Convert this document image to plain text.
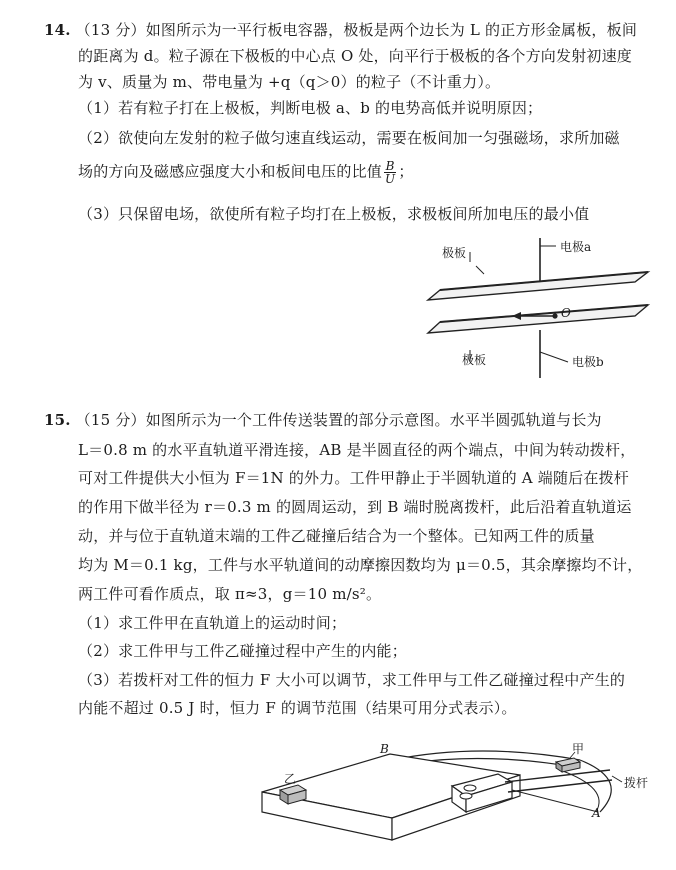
14. （13 分）如图所示为一平行板电容器，极板是两个边长为 L 的正方形金属板，板间
的距离为 d。粒子源在下极板的中心点 O 处，向平行于极板的各个方向发射初速度
为 v、质量为 m、带电量为 +q（q＞0）的粒子（不计重力）。
（1）若有粒子打在上极板，判断电极 a、b 的电势高低并说明原因；
（2）欲使向左发射的粒子做匀速直线运动，需要在板间加一匀强磁场，求所加磁
场的方向及磁感应强度大小和板间电压的比值 $\frac{B}{U}$ ；
（3）只保留电场，欲使所有粒子均打在上极板，求极板间所加电压的最小值
极板	电极a
O
极板	电极b
15. （15 分）如图所示为一个工件传送装置的部分示意图。水平半圆弧轨道与长为
L＝0.8 m 的水平直轨道平滑连接，AB 是半圆直径的两个端点，中间为转动拨杆，
可对工件提供大小恒为 F＝1N 的外力。工件甲静止于半圆轨道的 A 端随后在拨杆
的作用下做半径为 r＝0.3 m 的圆周运动，到 B 端时脱离拨杆，此后沿着直轨道运
动，并与位于直轨道末端的工件乙碰撞后结合为一个整体。已知两工件的质量
均为 M＝0.1 kg，工件与水平轨道间的动摩擦因数均为 μ＝0.5，其余摩擦均不计，
两工件可看作质点，取 π≈3，g＝10 m/s²。
（1）求工件甲在直轨道上的运动时间；
（2）求工件甲与工件乙碰撞过程中产生的内能；
（3）若拨杆对工件的恒力 F 大小可以调节，求工件甲与工件乙碰撞过程中产生的
内能不超过 0.5 J 时，恒力 F 的调节范围（结果可用分式表示）。
B	甲
乙	拨杆
A
